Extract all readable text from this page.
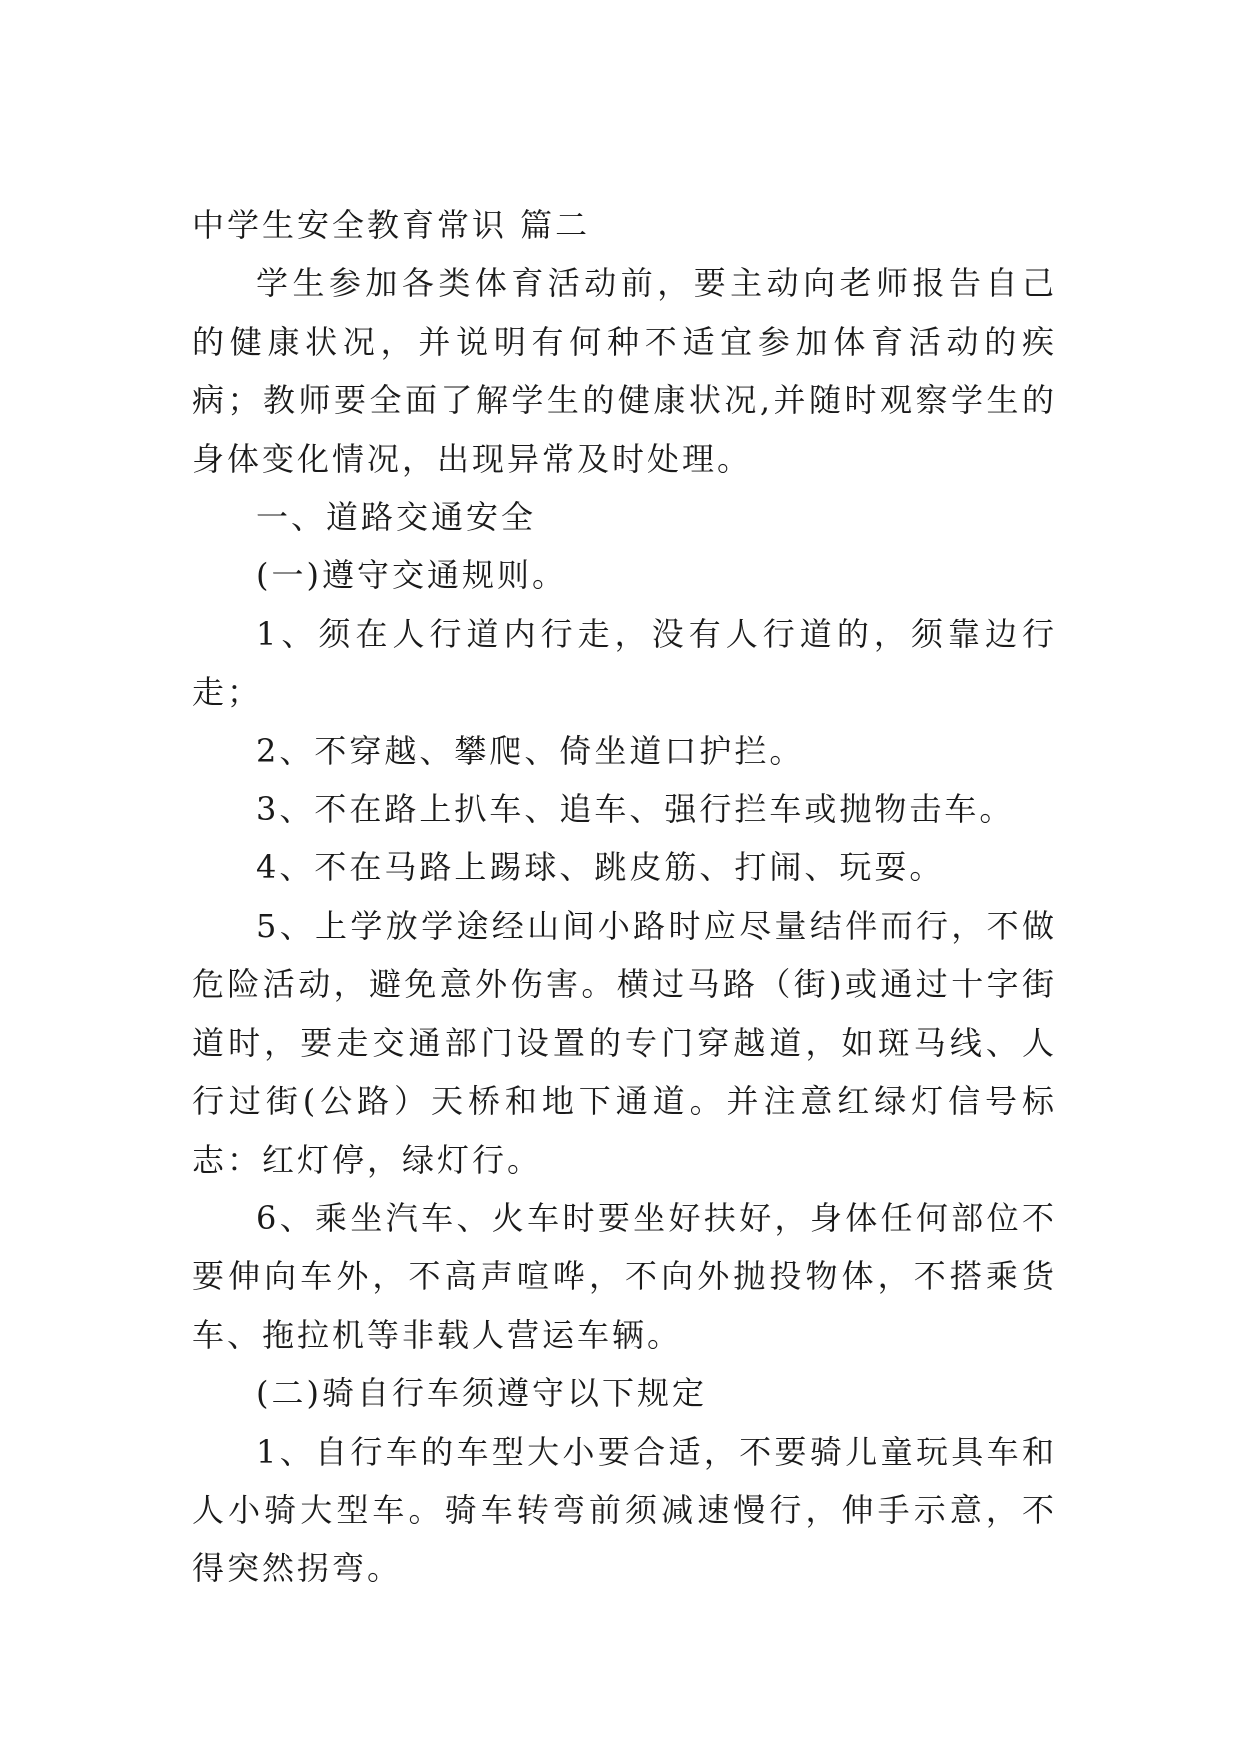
中学生安全教育常识 篇二

学生参加各类体育活动前，要主动向老师报告自己的健康状况，并说明有何种不适宜参加体育活动的疾病；教师要全面了解学生的健康状况,并随时观察学生的身体变化情况，出现异常及时处理。

一、道路交通安全

(一)遵守交通规则。

1、须在人行道内行走，没有人行道的，须靠边行走；

2、不穿越、攀爬、倚坐道口护拦。

3、不在路上扒车、追车、强行拦车或抛物击车。

4、不在马路上踢球、跳皮筋、打闹、玩耍。

5、上学放学途经山间小路时应尽量结伴而行，不做危险活动，避免意外伤害。横过马路（街)或通过十字街道时，要走交通部门设置的专门穿越道，如斑马线、人行过街(公路）天桥和地下通道。并注意红绿灯信号标志：红灯停，绿灯行。

6、乘坐汽车、火车时要坐好扶好，身体任何部位不要伸向车外，不高声喧哗，不向外抛投物体，不搭乘货车、拖拉机等非载人营运车辆。

(二)骑自行车须遵守以下规定

1、自行车的车型大小要合适，不要骑儿童玩具车和人小骑大型车。骑车转弯前须减速慢行，伸手示意，不得突然拐弯。
